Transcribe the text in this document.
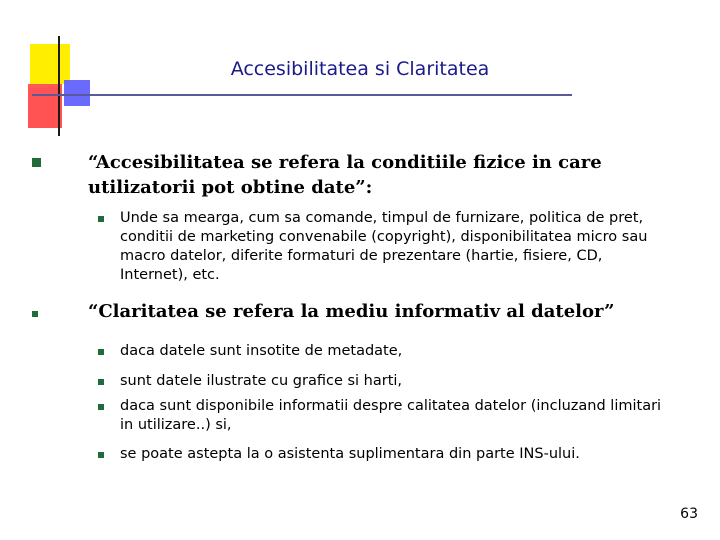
Accesibilitatea si Claritatea
“Accesibilitatea se refera la conditiile fizice in care utilizatorii pot obtine date”:
Unde sa mearga, cum sa comande, timpul de furnizare, politica de pret, conditii de marketing convenabile (copyright), disponibilitatea micro sau macro datelor, diferite formaturi de prezentare (hartie, fisiere, CD, Internet), etc.
“Claritatea se refera la mediu informativ al datelor”
daca datele sunt insotite de metadate,
sunt datele ilustrate cu grafice si harti,
daca sunt disponibile informatii despre calitatea datelor (incluzand limitari in utilizare..) si,
se poate astepta la o asistenta suplimentara din parte INS-ului.
63
